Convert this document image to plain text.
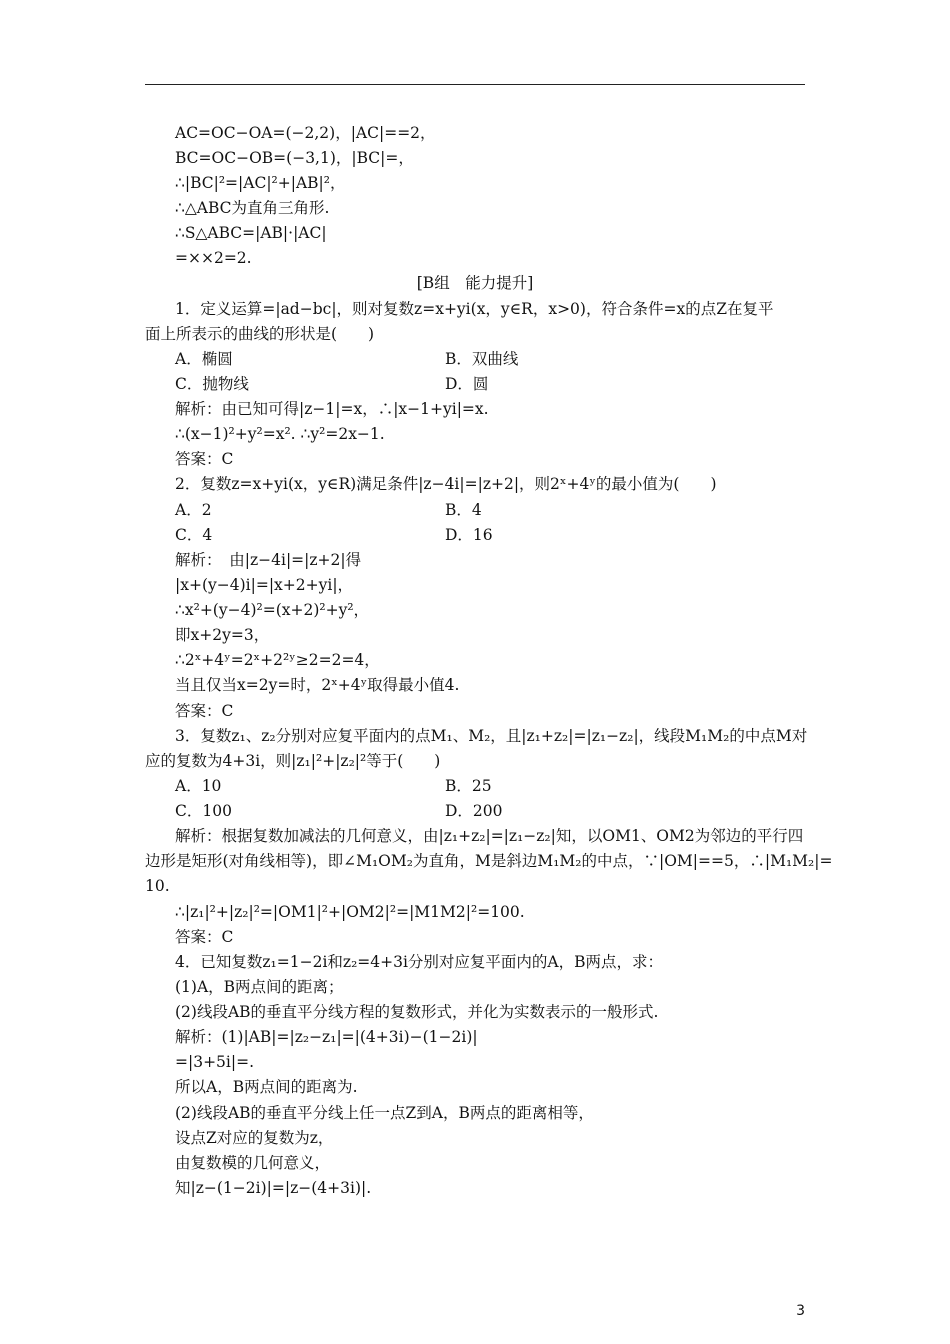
AC=OC−OA=(−2,2)，|AC|==2，
BC=OC−OB=(−3,1)，|BC|=，
∴|BC|²=|AC|²+|AB|²，
∴△ABC为直角三角形.
∴S△ABC=|AB|·|AC|
=××2=2.
[B组　能力提升]
1．定义运算=|ad−bc|，则对复数z=x+yi(x，y∈R，x>0)，符合条件=x的点Z在复平
面上所表示的曲线的形状是(　　)
A．椭圆	B．双曲线
C．抛物线	D．圆
解析：由已知可得|z−1|=x，∴|x−1+yi|=x.
∴(x−1)²+y²=x². ∴y²=2x−1.
答案：C
2．复数z=x+yi(x，y∈R)满足条件|z−4i|=|z+2|，则2ˣ+4ʸ的最小值为(　　)
A．2	B．4
C．4	D．16
解析：　由|z−4i|=|z+2|得
|x+(y−4)i|=|x+2+yi|，
∴x²+(y−4)²=(x+2)²+y²，
即x+2y=3，
∴2ˣ+4ʸ=2ˣ+2²ʸ≥2=2=4，
当且仅当x=2y=时，2ˣ+4ʸ取得最小值4.
答案：C
3．复数z₁、z₂分别对应复平面内的点M₁、M₂，且|z₁+z₂|=|z₁−z₂|，线段M₁M₂的中点M对
应的复数为4+3i，则|z₁|²+|z₂|²等于(　　)
A．10	B．25
C．100	D．200
解析：根据复数加减法的几何意义，由|z₁+z₂|=|z₁−z₂|知，以OM1、OM2为邻边的平行四
边形是矩形(对角线相等)，即∠M₁OM₂为直角，M是斜边M₁M₂的中点，∵|OM|==5，∴|M₁M₂|=
10.
∴|z₁|²+|z₂|²=|OM1|²+|OM2|²=|M1M2|²=100.
答案：C
4．已知复数z₁=1−2i和z₂=4+3i分别对应复平面内的A，B两点，求：
(1)A，B两点间的距离；
(2)线段AB的垂直平分线方程的复数形式，并化为实数表示的一般形式.
解析：(1)|AB|=|z₂−z₁|=|(4+3i)−(1−2i)|
=|3+5i|=.
所以A，B两点间的距离为.
(2)线段AB的垂直平分线上任一点Z到A，B两点的距离相等，
设点Z对应的复数为z，
由复数模的几何意义，
知|z−(1−2i)|=|z−(4+3i)|.
3
